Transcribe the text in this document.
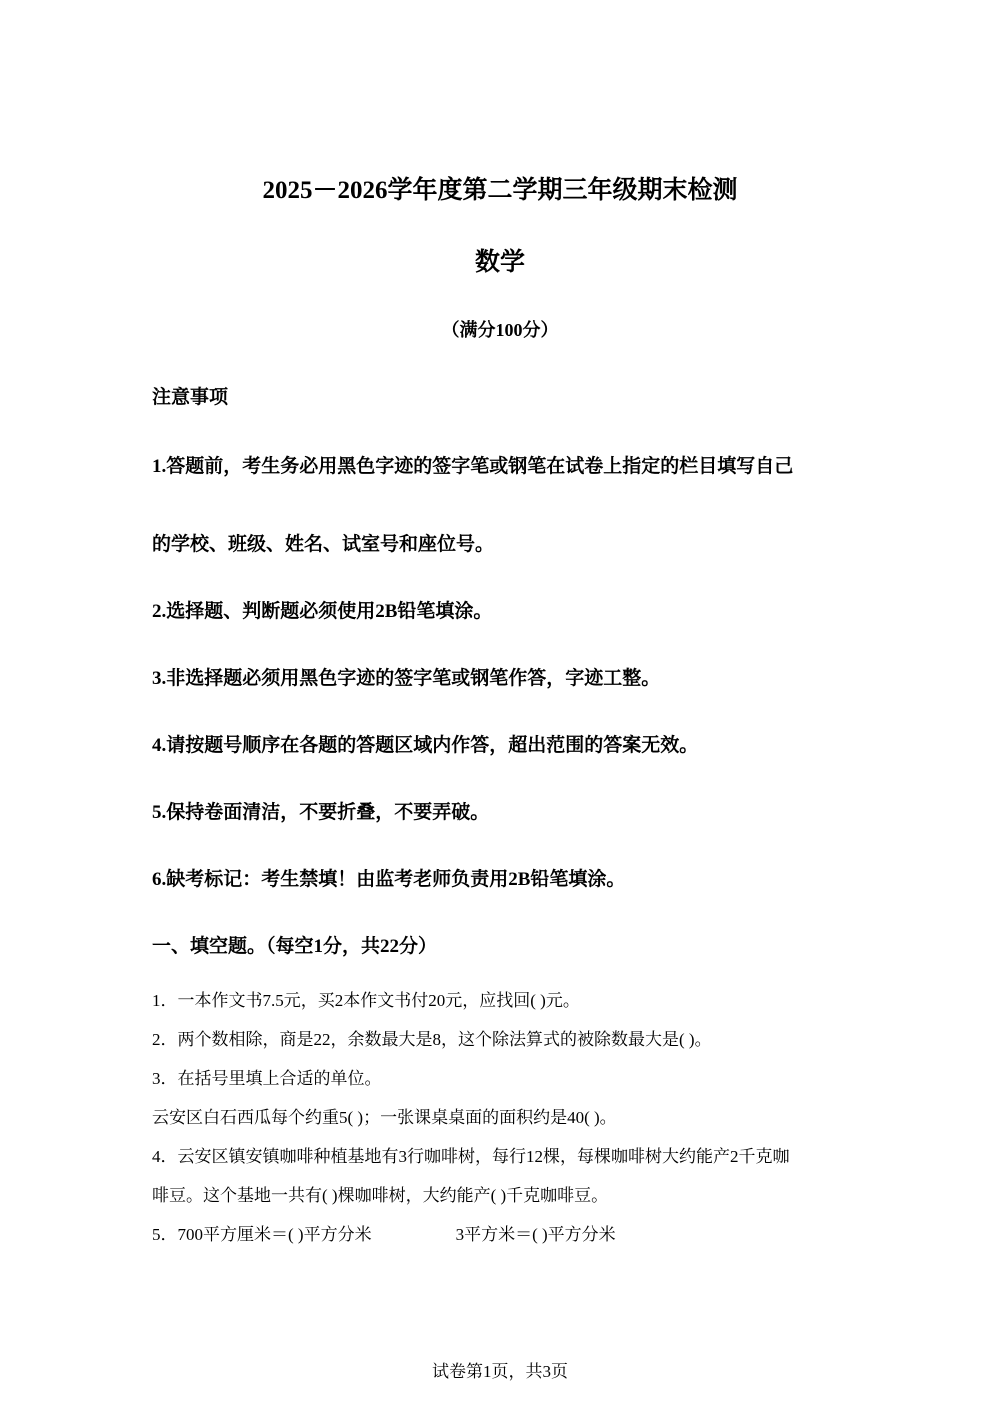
2025－2026学年度第二学期三年级期末检测
数学
（满分100分）
注意事项
1.答题前，考生务必用黑色字迹的签字笔或钢笔在试卷上指定的栏目填写自己
的学校、班级、姓名、试室号和座位号。
2.选择题、判断题必须使用2B铅笔填涂。
3.非选择题必须用黑色字迹的签字笔或钢笔作答，字迹工整。
4.请按题号顺序在各题的答题区域内作答，超出范围的答案无效。
5.保持卷面清洁，不要折叠，不要弄破。
6.缺考标记：考生禁填！由监考老师负责用2B铅笔填涂。
一、填空题。（每空1分，共22分）
1．一本作文书7.5元，买2本作文书付20元，应找回( )元。
2．两个数相除，商是22，余数最大是8，这个除法算式的被除数最大是( )。
3．在括号里填上合适的单位。
云安区白石西瓜每个约重5( )；一张课桌桌面的面积约是40( )。
4．云安区镇安镇咖啡种植基地有3行咖啡树，每行12棵，每棵咖啡树大约能产2千克咖
啡豆。这个基地一共有( )棵咖啡树，大约能产( )千克咖啡豆。
5．700平方厘米＝( )平方分米	3平方米＝( )平方分米
试卷第1页，共3页
